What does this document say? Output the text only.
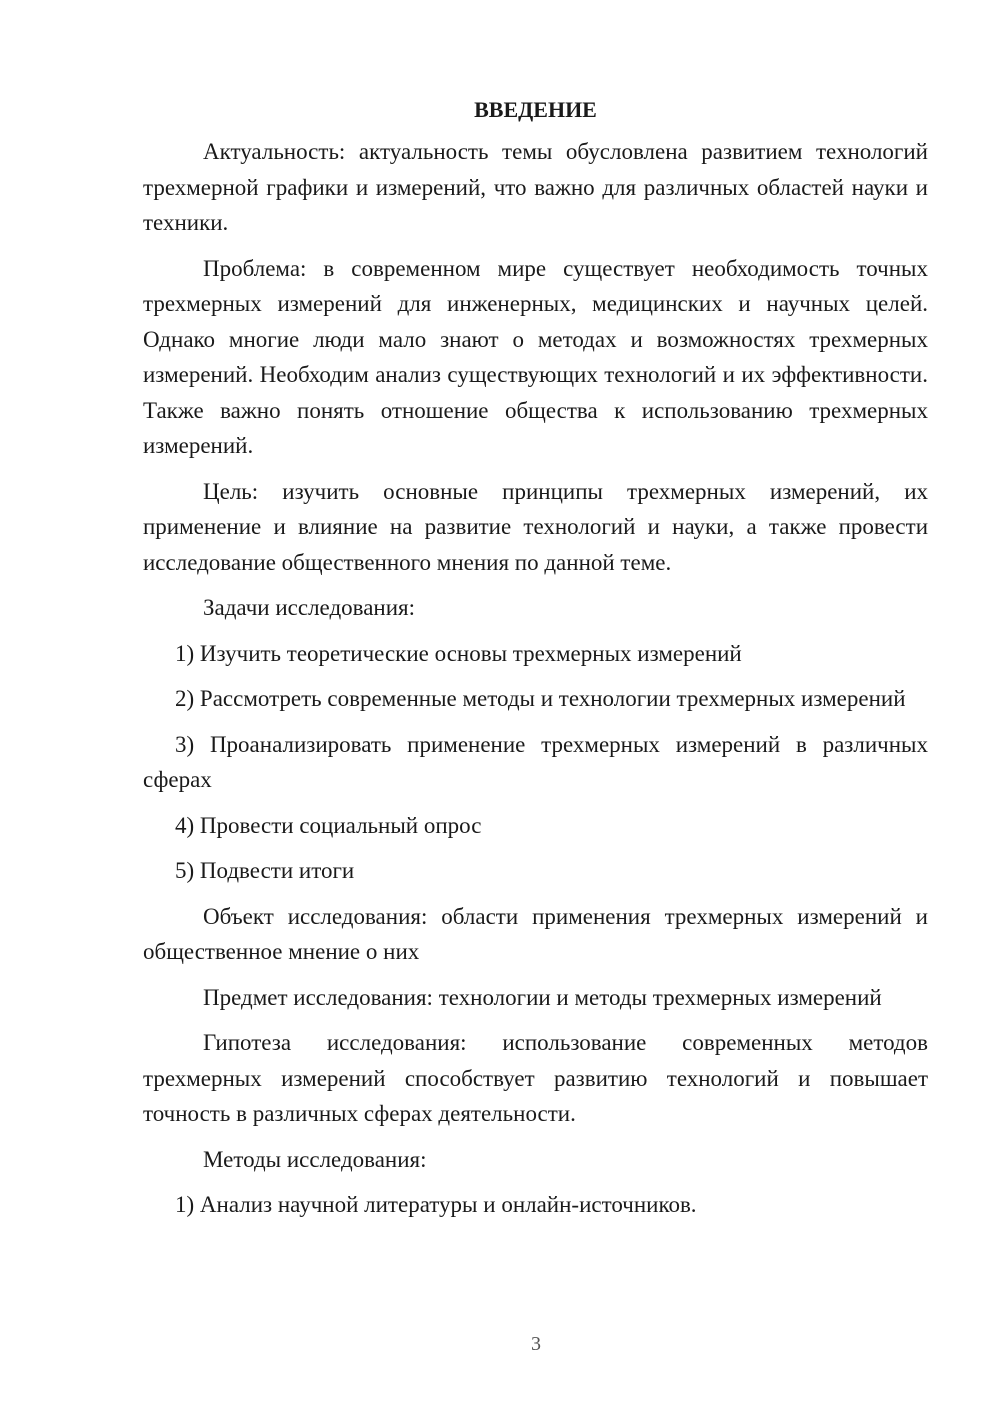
ВВЕДЕНИЕ

Актуальность: актуальность темы обусловлена развитием технологий трехмерной графики и измерений, что важно для различных областей науки и техники.

Проблема: в современном мире существует необходимость точных трехмерных измерений для инженерных, медицинских и научных целей. Однако многие люди мало знают о методах и возможностях трехмерных измерений. Необходим анализ существующих технологий и их эффективности. Также важно понять отношение общества к использованию трехмерных измерений.

Цель: изучить основные принципы трехмерных измерений, их применение и влияние на развитие технологий и науки, а также провести исследование общественного мнения по данной теме.

Задачи исследования:

1) Изучить теоретические основы трехмерных измерений

2) Рассмотреть современные методы и технологии трехмерных измерений

3) Проанализировать применение трехмерных измерений в различных сферах

4) Провести социальный опрос

5) Подвести итоги

Объект исследования: области применения трехмерных измерений и общественное мнение о них

Предмет исследования: технологии и методы трехмерных измерений

Гипотеза исследования: использование современных методов трехмерных измерений способствует развитию технологий и повышает точность в различных сферах деятельности.

Методы исследования:

1) Анализ научной литературы и онлайн-источников.

3
